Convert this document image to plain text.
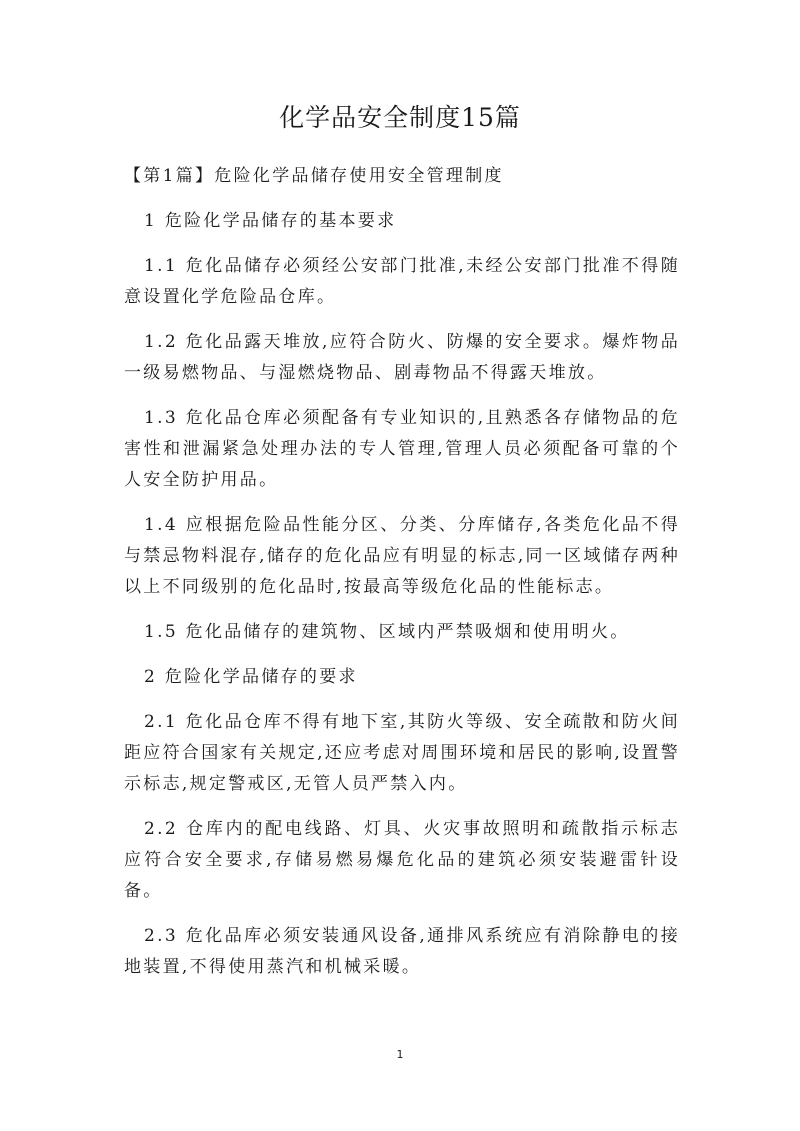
化学品安全制度15篇

【第1篇】危险化学品储存使用安全管理制度

1 危险化学品储存的基本要求

1.1 危化品储存必须经公安部门批准,未经公安部门批准不得随意设置化学危险品仓库。

1.2 危化品露天堆放,应符合防火、防爆的安全要求。爆炸物品一级易燃物品、与湿燃烧物品、剧毒物品不得露天堆放。

1.3 危化品仓库必须配备有专业知识的,且熟悉各存储物品的危害性和泄漏紧急处理办法的专人管理,管理人员必须配备可靠的个人安全防护用品。

1.4 应根据危险品性能分区、分类、分库储存,各类危化品不得与禁忌物料混存,储存的危化品应有明显的标志,同一区域储存两种以上不同级别的危化品时,按最高等级危化品的性能标志。

1.5 危化品储存的建筑物、区域内严禁吸烟和使用明火。

2 危险化学品储存的要求

2.1 危化品仓库不得有地下室,其防火等级、安全疏散和防火间距应符合国家有关规定,还应考虑对周围环境和居民的影响,设置警示标志,规定警戒区,无管人员严禁入内。

2.2 仓库内的配电线路、灯具、火灾事故照明和疏散指示标志应符合安全要求,存储易燃易爆危化品的建筑必须安装避雷针设备。

2.3 危化品库必须安装通风设备,通排风系统应有消除静电的接地装置,不得使用蒸汽和机械采暖。

1
